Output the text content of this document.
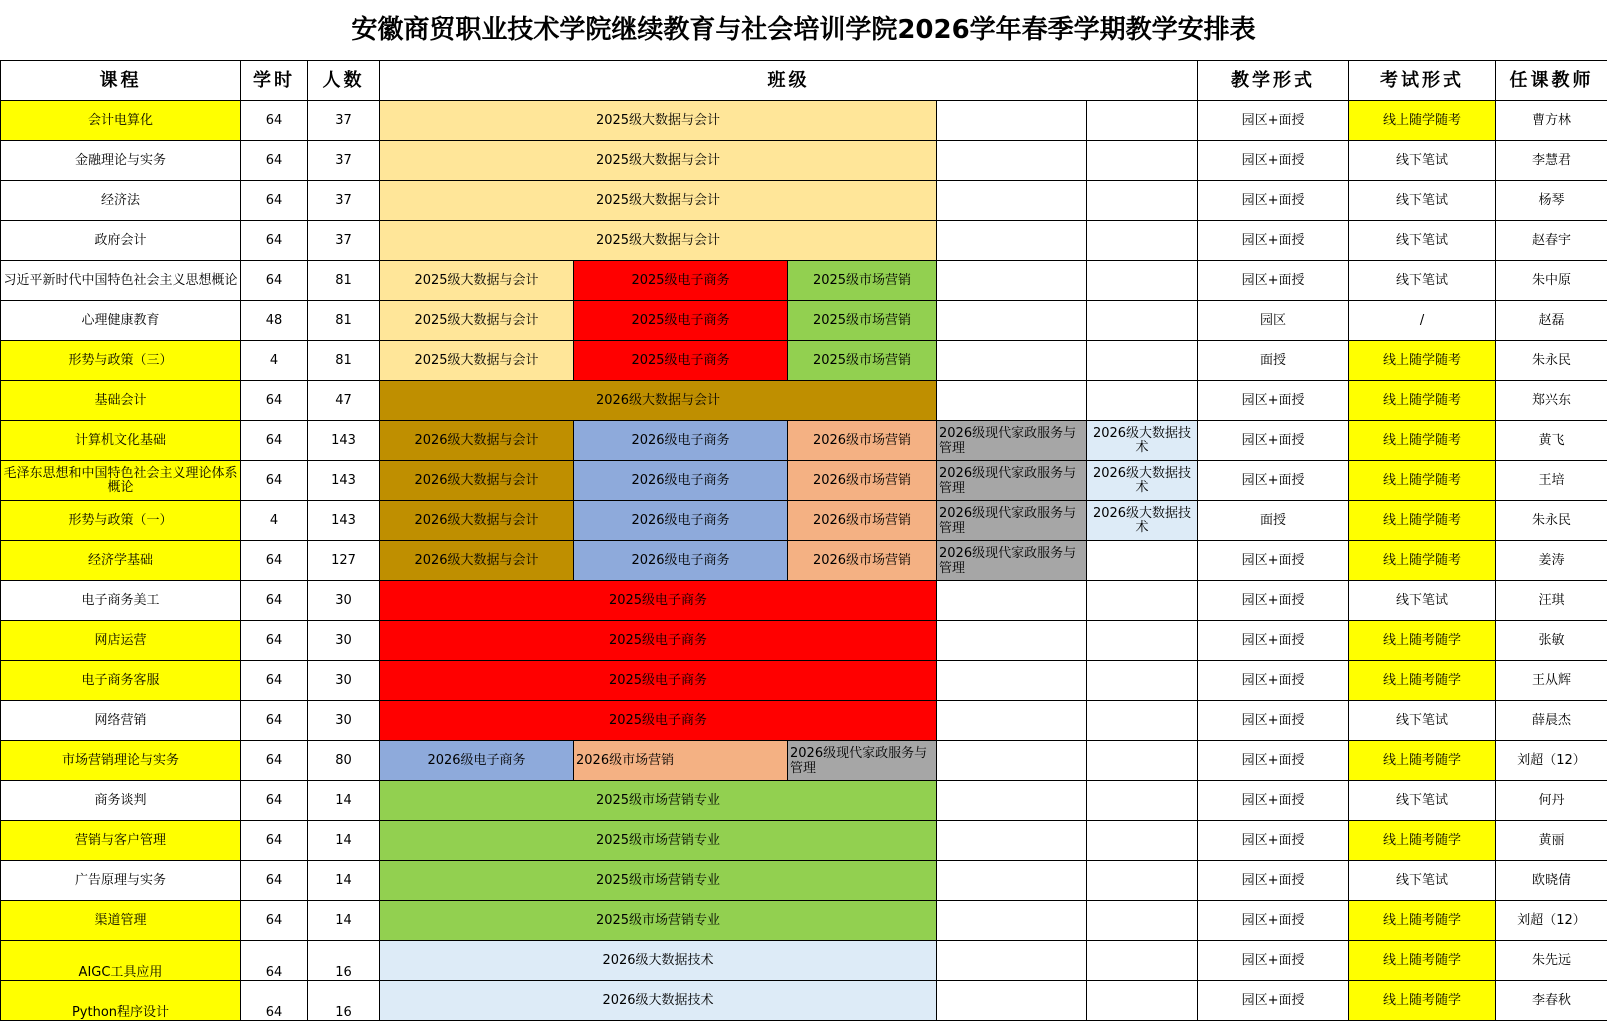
安徽商贸职业技术学院继续教育与社会培训学院2026学年春季学期教学安排表
课程	学时	人数	班级					教学形式	考试形式	任课教师
会计电算化	64	37	2025级大数据与会计					园区+面授	线上随学随考	曹方林
金融理论与实务	64	37	2025级大数据与会计					园区+面授	线下笔试	李慧君
经济法	64	37	2025级大数据与会计					园区+面授	线下笔试	杨琴
政府会计	64	37	2025级大数据与会计					园区+面授	线下笔试	赵春宇
习近平新时代中国特色社会主义思想概论	64	81	2025级大数据与会计	2025级电子商务	2025级市场营销			园区+面授	线下笔试	朱中原
心理健康教育	48	81	2025级大数据与会计	2025级电子商务	2025级市场营销			园区	/	赵磊
形势与政策（三）	4	81	2025级大数据与会计	2025级电子商务	2025级市场营销			面授	线上随学随考	朱永民
基础会计	64	47	2026级大数据与会计					园区+面授	线上随学随考	郑兴东
计算机文化基础	64	143	2026级大数据与会计	2026级电子商务	2026级市场营销	2026级现代家政服务与管理	2026级大数据技术	园区+面授	线上随学随考	黄飞
毛泽东思想和中国特色社会主义理论体系概论	64	143	2026级大数据与会计	2026级电子商务	2026级市场营销	2026级现代家政服务与管理	2026级大数据技术	园区+面授	线上随学随考	王培
形势与政策（一）	4	143	2026级大数据与会计	2026级电子商务	2026级市场营销	2026级现代家政服务与管理	2026级大数据技术	面授	线上随学随考	朱永民
经济学基础	64	127	2026级大数据与会计	2026级电子商务	2026级市场营销	2026级现代家政服务与管理		园区+面授	线上随学随考	姜涛
电子商务美工	64	30	2025级电子商务					园区+面授	线下笔试	汪琪
网店运营	64	30	2025级电子商务					园区+面授	线上随考随学	张敏
电子商务客服	64	30	2025级电子商务					园区+面授	线上随考随学	王从辉
网络营销	64	30	2025级电子商务					园区+面授	线下笔试	薛晨杰
市场营销理论与实务	64	80	2026级电子商务	2026级市场营销	2026级现代家政服务与管理			园区+面授	线上随考随学	刘超（12）
商务谈判	64	14	2025级市场营销专业					园区+面授	线下笔试	何丹
营销与客户管理	64	14	2025级市场营销专业					园区+面授	线上随考随学	黄丽
广告原理与实务	64	14	2025级市场营销专业					园区+面授	线下笔试	欧晓倩
渠道管理	64	14	2025级市场营销专业					园区+面授	线上随考随学	刘超（12）
AIGC工具应用	64	16	2026级大数据技术					园区+面授	线上随考随学	朱先远
Python程序设计	64	16	2026级大数据技术					园区+面授	线上随考随学	李春秋
